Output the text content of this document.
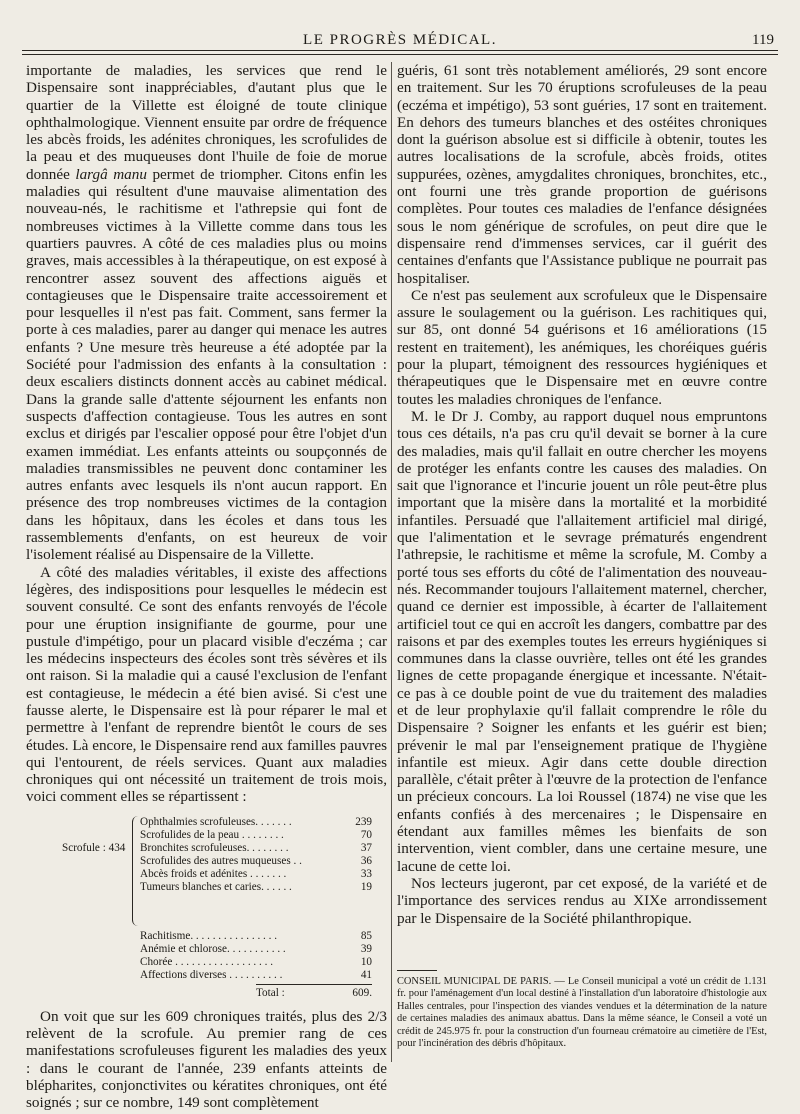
LE PROGRÈS MÉDICAL.	119

importante de maladies, les services que rend le Dispensaire sont inappréciables, d'autant plus que le quartier de la Villette est éloigné de toute clinique ophthalmologique. Viennent ensuite par ordre de fréquence les abcès froids, les adénites chroniques, les scrofulides de la peau et des muqueuses dont l'huile de foie de morue donnée largâ manu permet de triompher. Citons enfin les maladies qui résultent d'une mauvaise alimentation des nouveau-nés, le rachitisme et l'athrepsie qui font de nombreuses victimes à la Villette comme dans tous les quartiers pauvres. A côté de ces maladies plus ou moins graves, mais accessibles à la thérapeutique, on est exposé à rencontrer assez souvent des affections aiguës et contagieuses que le Dispensaire traite accessoirement et pour lesquelles il n'est pas fait. Comment, sans fermer la porte à ces maladies, parer au danger qui menace les autres enfants ? Une mesure très heureuse a été adoptée par la Société pour l'admission des enfants à la consultation : deux escaliers distincts donnent accès au cabinet médical. Dans la grande salle d'attente séjournent les enfants non suspects d'affection contagieuse. Tous les autres en sont exclus et dirigés par l'escalier opposé pour être l'objet d'un examen immédiat. Les enfants atteints ou soupçonnés de maladies transmissibles ne peuvent donc contaminer les autres enfants avec lesquels ils n'ont aucun rapport. En présence des trop nombreuses victimes de la contagion dans les hôpitaux, dans les écoles et dans tous les rassemblements d'enfants, on est heureux de voir l'isolement réalisé au Dispensaire de la Villette.

A côté des maladies véritables, il existe des affections légères, des indispositions pour lesquelles le médecin est souvent consulté. Ce sont des enfants renvoyés de l'école pour une éruption insignifiante de gourme, pour une pustule d'impétigo, pour un placard visible d'eczéma ; car les médecins inspecteurs des écoles sont très sévères et ils ont raison. Si la maladie qui a causé l'exclusion de l'enfant est contagieuse, le médecin a été bien avisé. Si c'est une fausse alerte, le Dispensaire est là pour réparer le mal et permettre à l'enfant de reprendre bientôt le cours de ses études. Là encore, le Dispensaire rend aux familles pauvres qui l'entourent, de réels services. Quant aux maladies chroniques qui ont nécessité un traitement de trois mois, voici comment elles se répartissent :

Scrofule : 434
Total :	609.
Ophthalmies scrofuleuses. . . . . . .	239
Scrofulides de la peau . . . . . . . .	70
Bronchites scrofuleuses. . . . . . . .	37
Scrofulides des autres muqueuses . .	36
Abcès froids et adénites . . . . . . .	33
Tumeurs blanches et caries. . . . . .	19
Rachitisme. . . . . . . . . . . . . . . .	85
Anémie et chlorose. . . . . . . . . . .	39
Chorée . . . . . . . . . . . . . . . . . .	10
Affections diverses . . . . . . . . . .	41

On voit que sur les 609 chroniques traités, plus des 2/3 relèvent de la scrofule. Au premier rang de ces manifestations scrofuleuses figurent les maladies des yeux : dans le courant de l'année, 239 enfants atteints de blépharites, conjonctivites ou kératites chroniques, ont été soignés ; sur ce nombre, 149 sont complètement

guéris, 61 sont très notablement améliorés, 29 sont encore en traitement. Sur les 70 éruptions scrofuleuses de la peau (eczéma et impétigo), 53 sont guéries, 17 sont en traitement. En dehors des tumeurs blanches et des ostéites chroniques dont la guérison absolue est si difficile à obtenir, toutes les autres localisations de la scrofule, abcès froids, otites suppurées, ozènes, amygdalites chroniques, bronchites, etc., ont fourni une très grande proportion de guérisons complètes. Pour toutes ces maladies de l'enfance désignées sous le nom générique de scrofules, on peut dire que le dispensaire rend d'immenses services, car il guérit des centaines d'enfants que l'Assistance publique ne pourrait pas hospitaliser.

Ce n'est pas seulement aux scrofuleux que le Dispensaire assure le soulagement ou la guérison. Les rachitiques qui, sur 85, ont donné 54 guérisons et 16 améliorations (15 restent en traitement), les anémiques, les choréiques guéris pour la plupart, témoignent des ressources hygiéniques et thérapeutiques que le Dispensaire met en œuvre contre toutes les maladies chroniques de l'enfance.

M. le Dr J. Comby, au rapport duquel nous empruntons tous ces détails, n'a pas cru qu'il devait se borner à la cure des maladies, mais qu'il fallait en outre chercher les moyens de protéger les enfants contre les causes des maladies. On sait que l'ignorance et l'incurie jouent un rôle peut-être plus important que la misère dans la mortalité et la morbidité infantiles. Persuadé que l'allaitement artificiel mal dirigé, que l'alimentation et le sevrage prématurés engendrent l'athrepsie, le rachitisme et même la scrofule, M. Comby a porté tous ses efforts du côté de l'alimentation des nouveau-nés. Recommander toujours l'allaitement maternel, chercher, quand ce dernier est impossible, à écarter de l'allaitement artificiel tout ce qui en accroît les dangers, combattre par des raisons et par des exemples toutes les erreurs hygiéniques si communes dans la classe ouvrière, telles ont été les grandes lignes de cette propagande énergique et incessante. N'était-ce pas à ce double point de vue du traitement des maladies et de leur prophylaxie qu'il fallait comprendre le rôle du Dispensaire ? Soigner les enfants et les guérir est bien; prévenir le mal par l'enseignement pratique de l'hygiène infantile est mieux. Agir dans cette double direction parallèle, c'était prêter à l'œuvre de la protection de l'enfance un précieux concours. La loi Roussel (1874) ne vise que les enfants confiés à des mercenaires ; le Dispensaire en étendant aux familles mêmes les bienfaits de son intervention, vient combler, dans une certaine mesure, une lacune de cette loi.

Nos lecteurs jugeront, par cet exposé, de la variété et de l'importance des services rendus au XIXe arrondissement par le Dispensaire de la Société philanthropique.

CONSEIL MUNICIPAL DE PARIS. — Le Conseil municipal a voté un crédit de 1.131 fr. pour l'aménagement d'un local destiné à l'installation d'un laboratoire d'histologie aux Halles centrales, pour l'inspection des viandes vendues et la détermination de la nature de certaines maladies des animaux abattus. Dans la même séance, le Conseil a voté un crédit de 245.975 fr. pour la construction d'un fourneau crématoire au cimetière de l'Est, pour l'incinération des débris d'hôpitaux.
